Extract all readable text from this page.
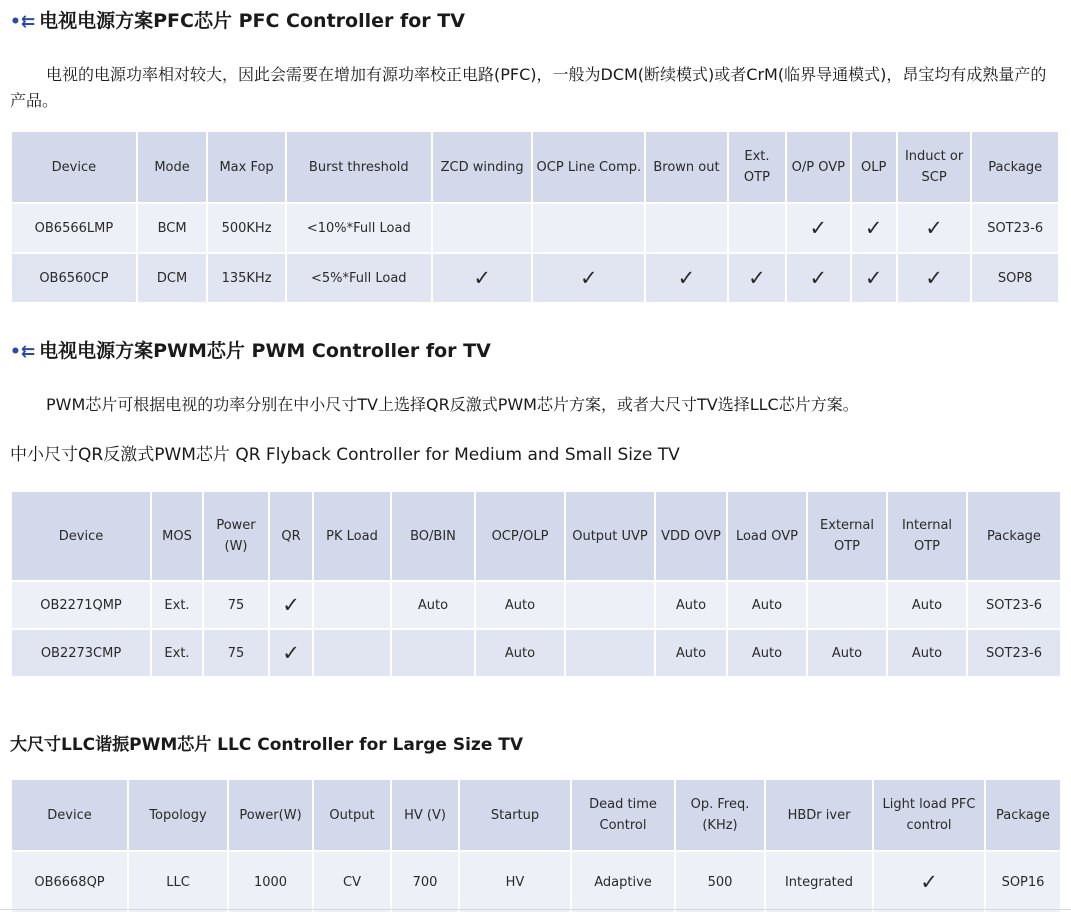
•⇇ 电视电源方案PFC芯片 PFC Controller for TV
电视的电源功率相对较大，因此会需要在增加有源功率校正电路(PFC)，一般为DCM(断续模式)或者CrM(临界导通模式)，昂宝均有成熟量产的产品。
Device	Mode	Max Fop	Burst threshold	ZCD winding	OCP Line Comp.	Brown out	Ext. OTP	O/P OVP	OLP	Induct or SCP	Package
OB6566LMP	BCM	500KHz	<10%*Full Load					✓	✓	✓	SOT23-6
OB6560CP	DCM	135KHz	<5%*Full Load	✓	✓	✓	✓	✓	✓	✓	SOP8
•⇇ 电视电源方案PWM芯片 PWM Controller for TV
PWM芯片可根据电视的功率分别在中小尺寸TV上选择QR反激式PWM芯片方案，或者大尺寸TV选择LLC芯片方案。
中小尺寸QR反激式PWM芯片 QR Flyback Controller for Medium and Small Size TV
Device	MOS	Power (W)	QR	PK Load	BO/BIN	OCP/OLP	Output UVP	VDD OVP	Load OVP	External OTP	Internal OTP	Package
OB2271QMP	Ext.	75	✓		Auto	Auto		Auto	Auto		Auto	SOT23-6
OB2273CMP	Ext.	75	✓			Auto		Auto	Auto	Auto	Auto	SOT23-6
大尺寸LLC谐振PWM芯片 LLC Controller for Large Size TV
Device	Topology	Power(W)	Output	HV (V)	Startup	Dead time Control	Op. Freq. (KHz)	HBDr iver	Light load PFC control	Package
OB6668QP	LLC	1000	CV	700	HV	Adaptive	500	Integrated	✓	SOP16
